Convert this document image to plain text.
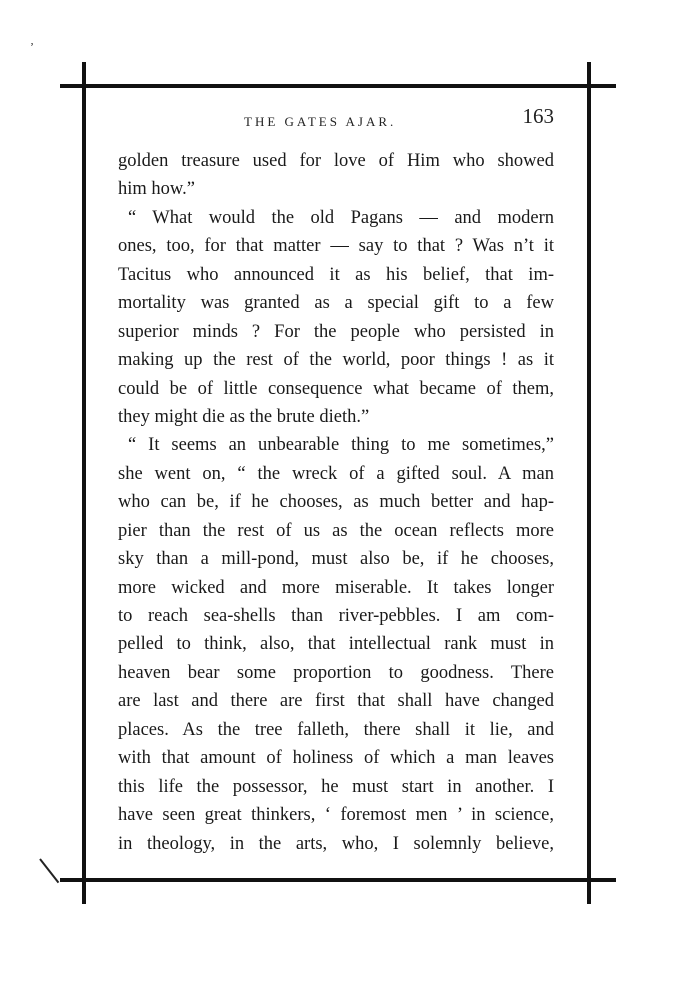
ʼ
THE GATES AJAR.	163
golden treasure used for love of Him who showed
him how.”
“ What would the old Pagans — and modern
ones, too, for that matter — say to that ? Was n’t it
Tacitus who announced it as his belief, that im-
mortality was granted as a special gift to a few
superior minds ? For the people who persisted in
making up the rest of the world, poor things ! as it
could be of little consequence what became of them,
they might die as the brute dieth.”
“ It seems an unbearable thing to me sometimes,”
she went on, “ the wreck of a gifted soul. A man
who can be, if he chooses, as much better and hap-
pier than the rest of us as the ocean reflects more
sky than a mill-pond, must also be, if he chooses,
more wicked and more miserable. It takes longer
to reach sea-shells than river-pebbles. I am com-
pelled to think, also, that intellectual rank must in
heaven bear some proportion to goodness. There
are last and there are first that shall have changed
places. As the tree falleth, there shall it lie, and
with that amount of holiness of which a man leaves
this life the possessor, he must start in another. I
have seen great thinkers, ‘ foremost men ’ in science,
in theology, in the arts, who, I solemnly believe,
